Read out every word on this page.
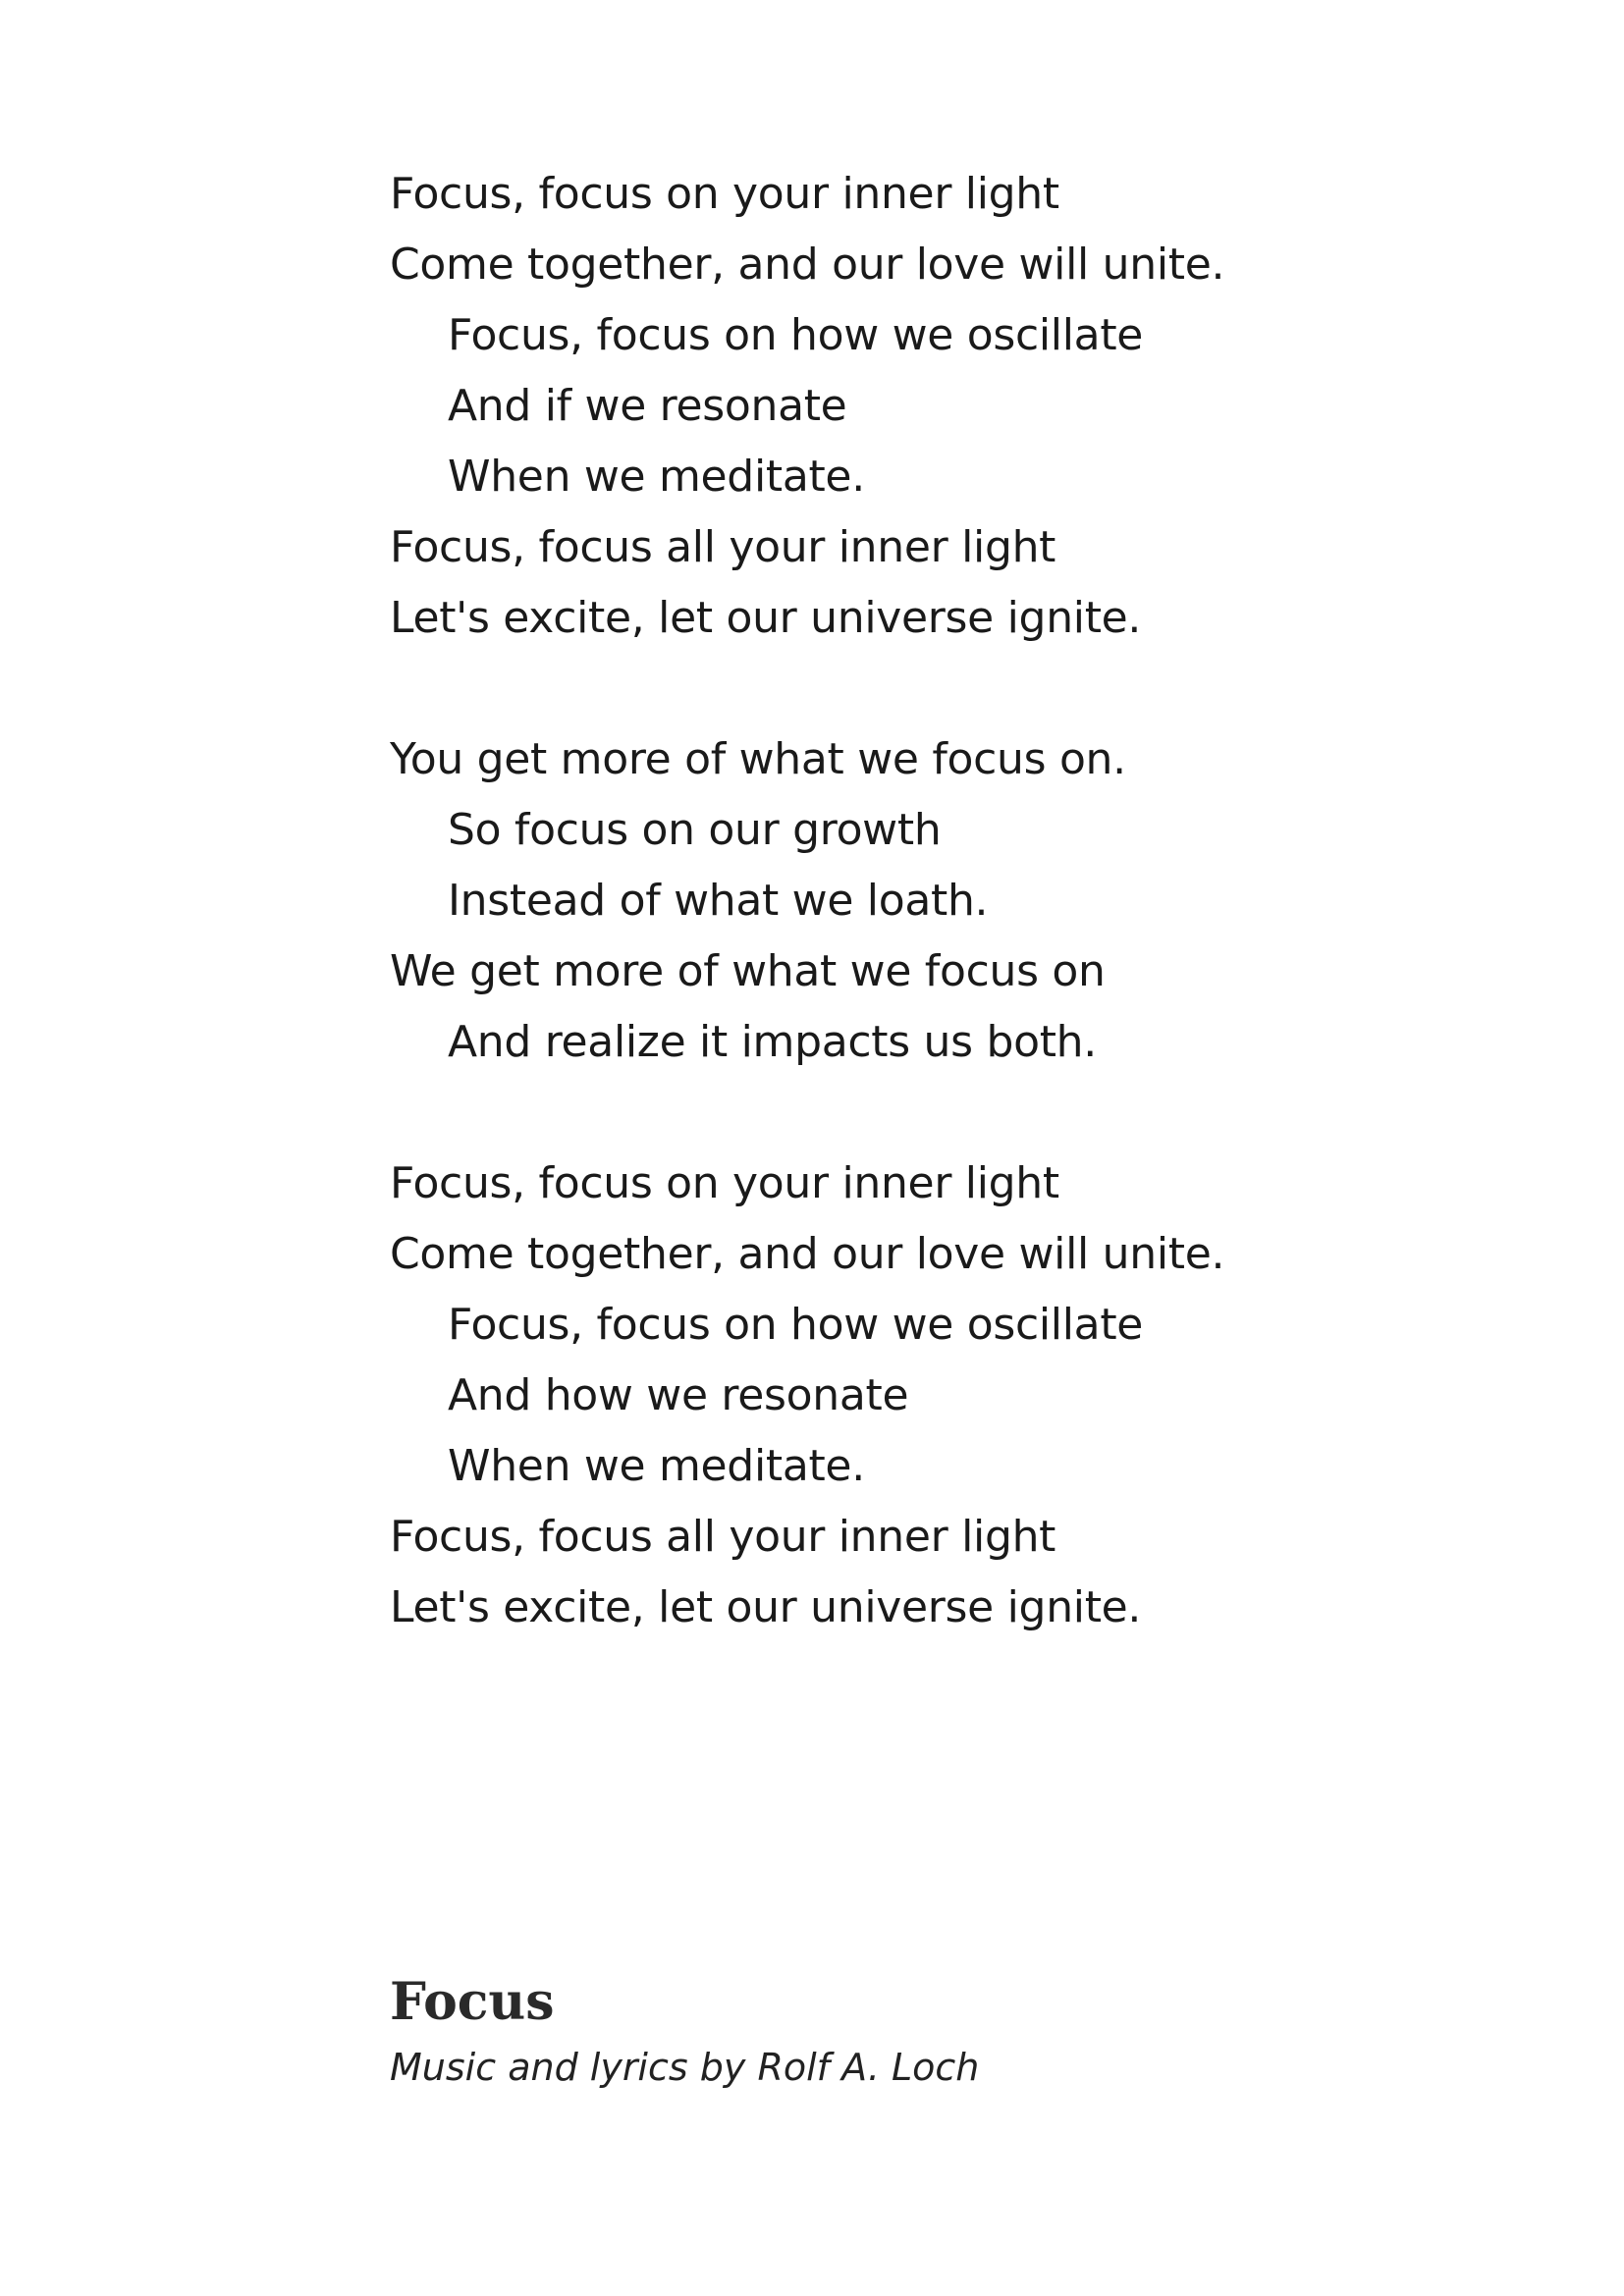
Focus, focus on your inner light
Come together, and our love will unite.
Focus, focus on how we oscillate
And if we resonate
When we meditate.
Focus, focus all your inner light
Let's excite, let our universe ignite.
You get more of what we focus on.
So focus on our growth
Instead of what we loath.
We get more of what we focus on
And realize it impacts us both.
Focus, focus on your inner light
Come together, and our love will unite.
Focus, focus on how we oscillate
And how we resonate
When we meditate.
Focus, focus all your inner light
Let's excite, let our universe ignite.
Focus

Music and lyrics by Rolf A. Loch
